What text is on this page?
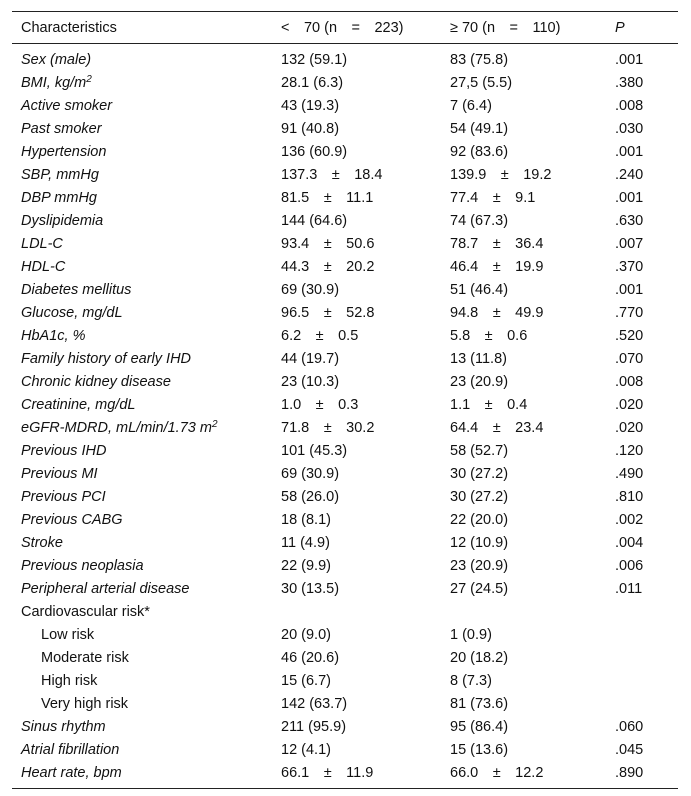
Characteristics	< 70 (n = 223)	≥ 70 (n = 110)	P
Sex (male)	132 (59.1)	83 (75.8)	.001
BMI, $kg/m^2$	28.1 (6.3)	27,5 (5.5)	.380
Active smoker	43 (19.3)	7 (6.4)	.008
Past smoker	91 (40.8)	54 (49.1)	.030
Hypertension	136 (60.9)	92 (83.6)	.001
SBP, mmHg	137.3 ± 18.4	139.9 ± 19.2	.240
DBP mmHg	81.5 ± 11.1	77.4 ± 9.1	.001
Dyslipidemia	144 (64.6)	74 (67.3)	.630
LDL-C	93.4 ± 50.6	78.7 ± 36.4	.007
HDL-C	44.3 ± 20.2	46.4 ± 19.9	.370
Diabetes mellitus	69 (30.9)	51 (46.4)	.001
Glucose, mg/dL	96.5 ± 52.8	94.8 ± 49.9	.770
HbA1c, %	6.2 ± 0.5	5.8 ± 0.6	.520
Family history of early IHD	44 (19.7)	13 (11.8)	.070
Chronic kidney disease	23 (10.3)	23 (20.9)	.008
Creatinine, mg/dL	1.0 ± 0.3	1.1 ± 0.4	.020
eGFR-MDRD, mL/min/1.73 $m^2$	71.8 ± 30.2	64.4 ± 23.4	.020
Previous IHD	101 (45.3)	58 (52.7)	.120
Previous MI	69 (30.9)	30 (27.2)	.490
Previous PCI	58 (26.0)	30 (27.2)	.810
Previous CABG	18 (8.1)	22 (20.0)	.002
Stroke	11 (4.9)	12 (10.9)	.004
Previous neoplasia	22 (9.9)	23 (20.9)	.006
Peripheral arterial disease	30 (13.5)	27 (24.5)	.011
Cardiovascular risk*			
Low risk	20 (9.0)	1 (0.9)	
Moderate risk	46 (20.6)	20 (18.2)	
High risk	15 (6.7)	8 (7.3)	
Very high risk	142 (63.7)	81 (73.6)	
Sinus rhythm	211 (95.9)	95 (86.4)	.060
Atrial fibrillation	12 (4.1)	15 (13.6)	.045
Heart rate, bpm	66.1 ± 11.9	66.0 ± 12.2	.890
